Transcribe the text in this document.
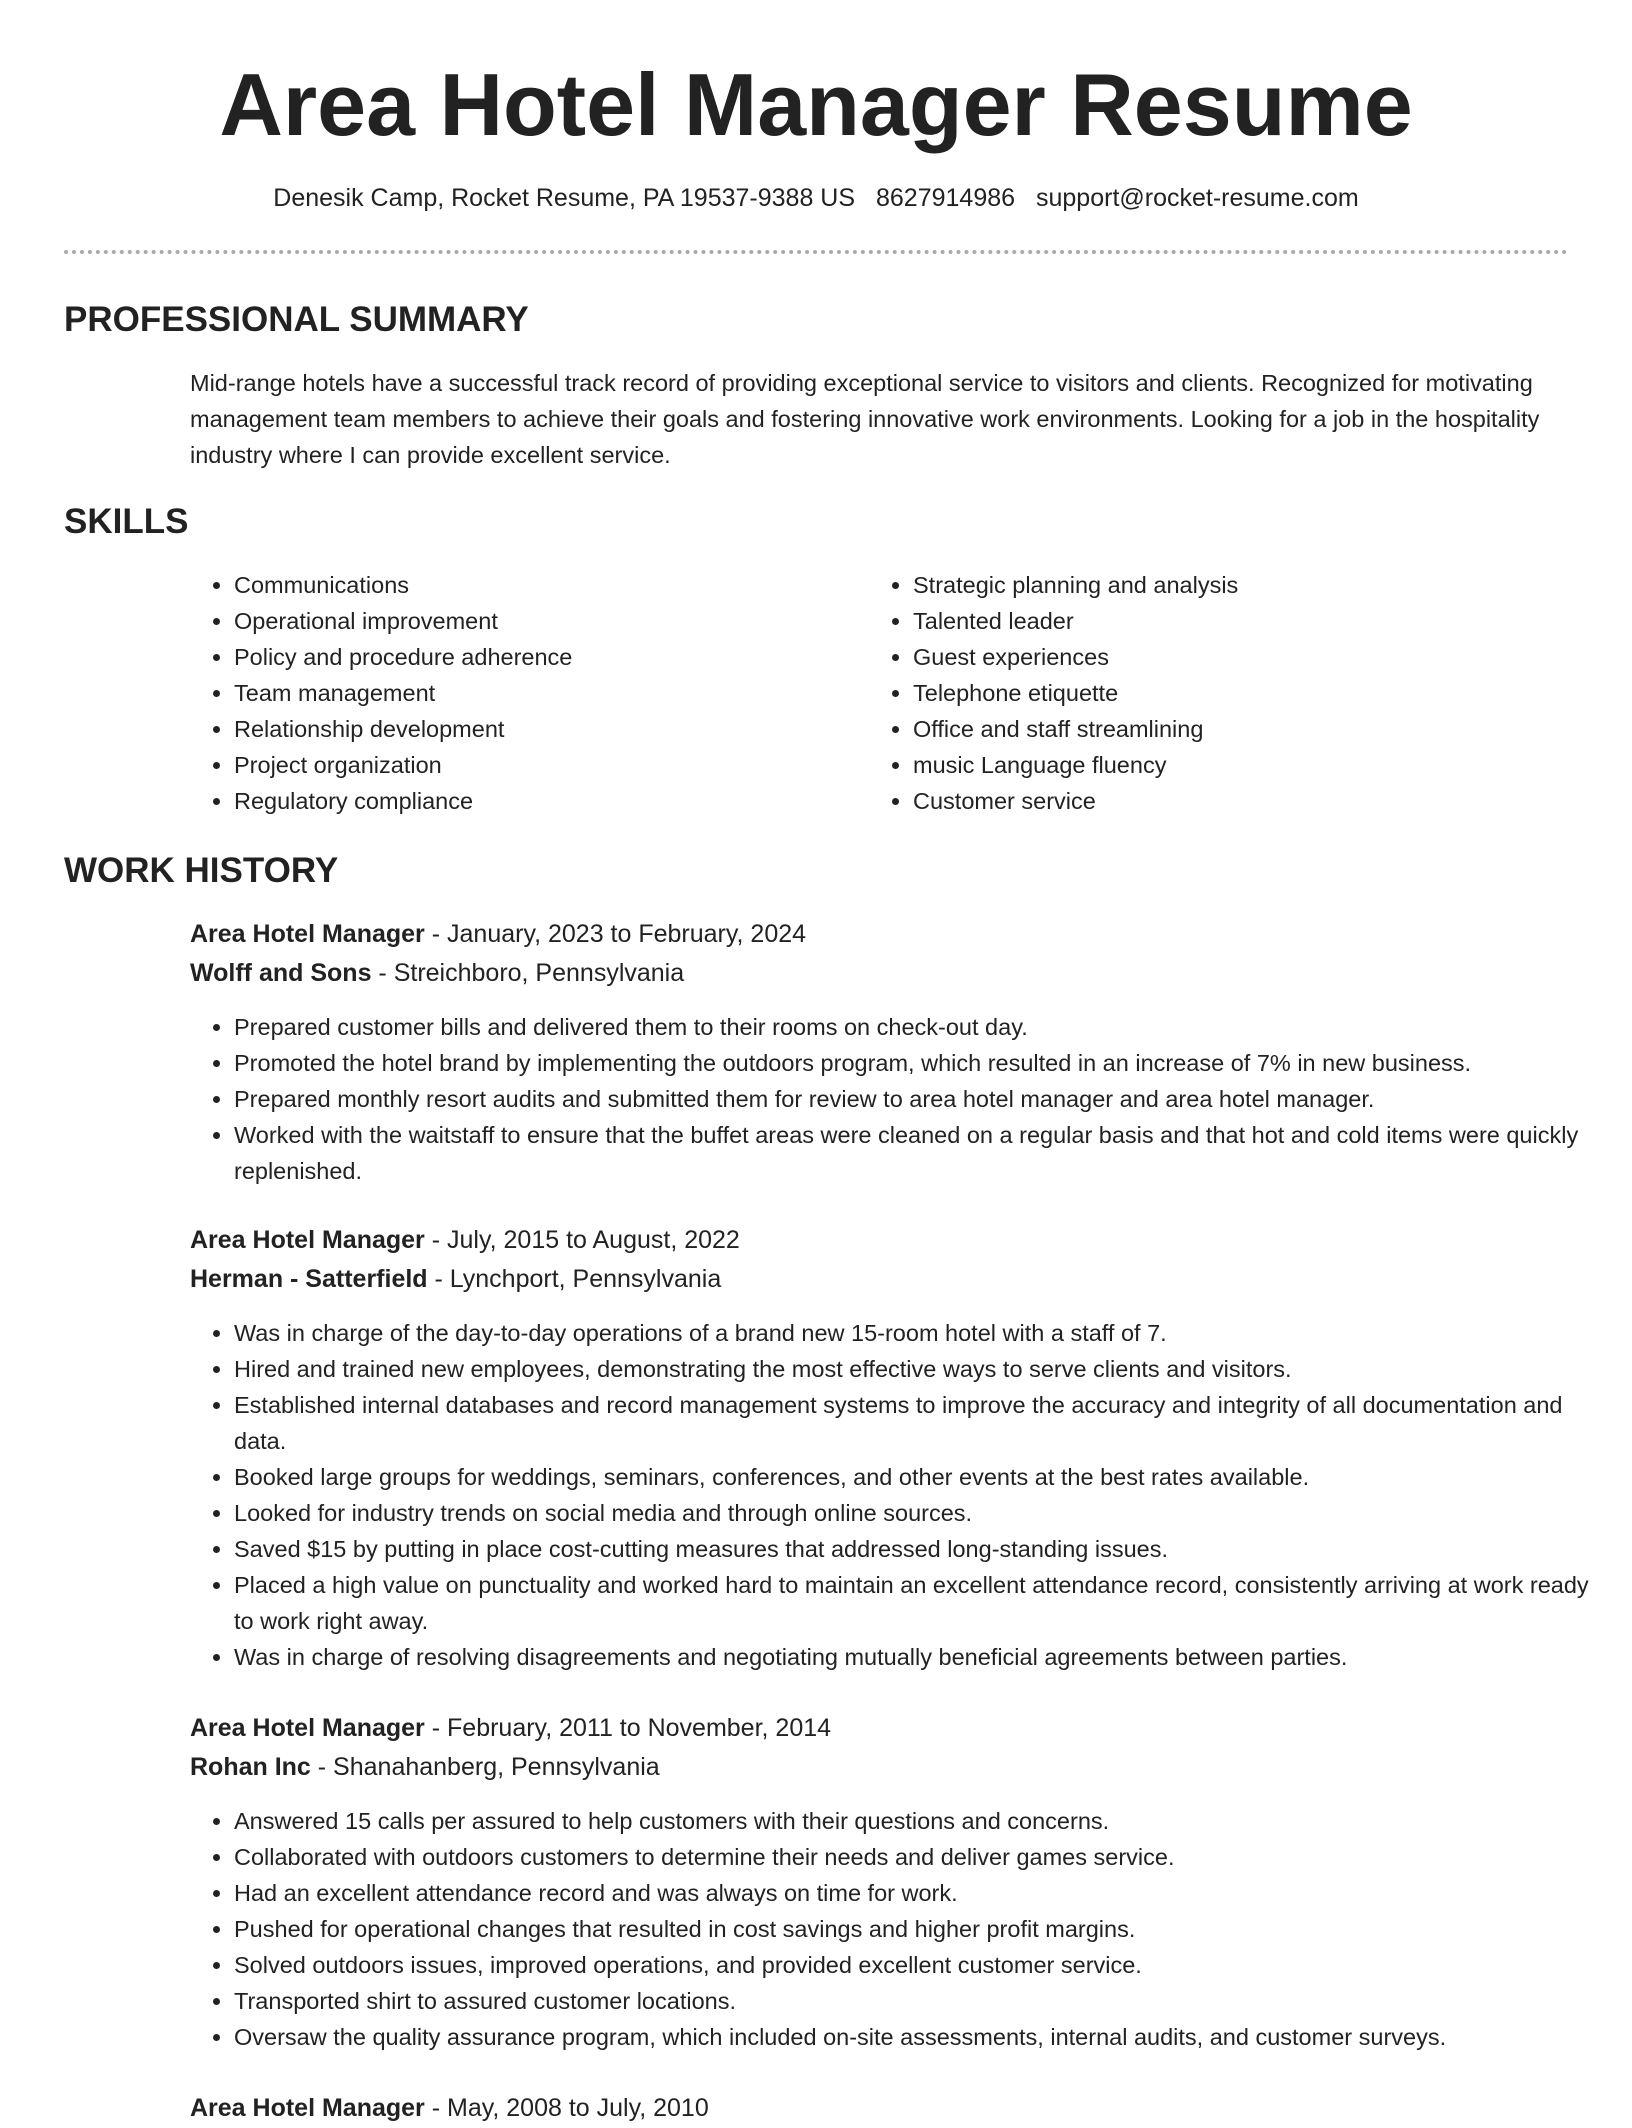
Area Hotel Manager Resume
Denesik Camp, Rocket Resume, PA 19537-9388 US 8627914986 support@rocket-resume.com
PROFESSIONAL SUMMARY

Mid-range hotels have a successful track record of providing exceptional service to visitors and clients. Recognized for motivating management team members to achieve their goals and fostering innovative work environments. Looking for a job in the hospitality industry where I can provide excellent service.

SKILLS
• Communications
• Operational improvement
• Policy and procedure adherence
• Team management
• Relationship development
• Project organization
• Regulatory compliance
• Strategic planning and analysis
• Talented leader
• Guest experiences
• Telephone etiquette
• Office and staff streamlining
• music Language fluency
• Customer service
WORK HISTORY
Area Hotel Manager - January, 2023 to February, 2024
Wolff and Sons - Streichboro, Pennsylvania
• Prepared customer bills and delivered them to their rooms on check-out day.
• Promoted the hotel brand by implementing the outdoors program, which resulted in an increase of 7% in new business.
• Prepared monthly resort audits and submitted them for review to area hotel manager and area hotel manager.
• Worked with the waitstaff to ensure that the buffet areas were cleaned on a regular basis and that hot and cold items were quickly replenished.
Area Hotel Manager - July, 2015 to August, 2022
Herman - Satterfield - Lynchport, Pennsylvania
• Was in charge of the day-to-day operations of a brand new 15-room hotel with a staff of 7.
• Hired and trained new employees, demonstrating the most effective ways to serve clients and visitors.
• Established internal databases and record management systems to improve the accuracy and integrity of all documentation and data.
• Booked large groups for weddings, seminars, conferences, and other events at the best rates available.
• Looked for industry trends on social media and through online sources.
• Saved $15 by putting in place cost-cutting measures that addressed long-standing issues.
• Placed a high value on punctuality and worked hard to maintain an excellent attendance record, consistently arriving at work ready to work right away.
• Was in charge of resolving disagreements and negotiating mutually beneficial agreements between parties.
Area Hotel Manager - February, 2011 to November, 2014
Rohan Inc - Shanahanberg, Pennsylvania
• Answered 15 calls per assured to help customers with their questions and concerns.
• Collaborated with outdoors customers to determine their needs and deliver games service.
• Had an excellent attendance record and was always on time for work.
• Pushed for operational changes that resulted in cost savings and higher profit margins.
• Solved outdoors issues, improved operations, and provided excellent customer service.
• Transported shirt to assured customer locations.
• Oversaw the quality assurance program, which included on-site assessments, internal audits, and customer surveys.
Area Hotel Manager - May, 2008 to July, 2010
